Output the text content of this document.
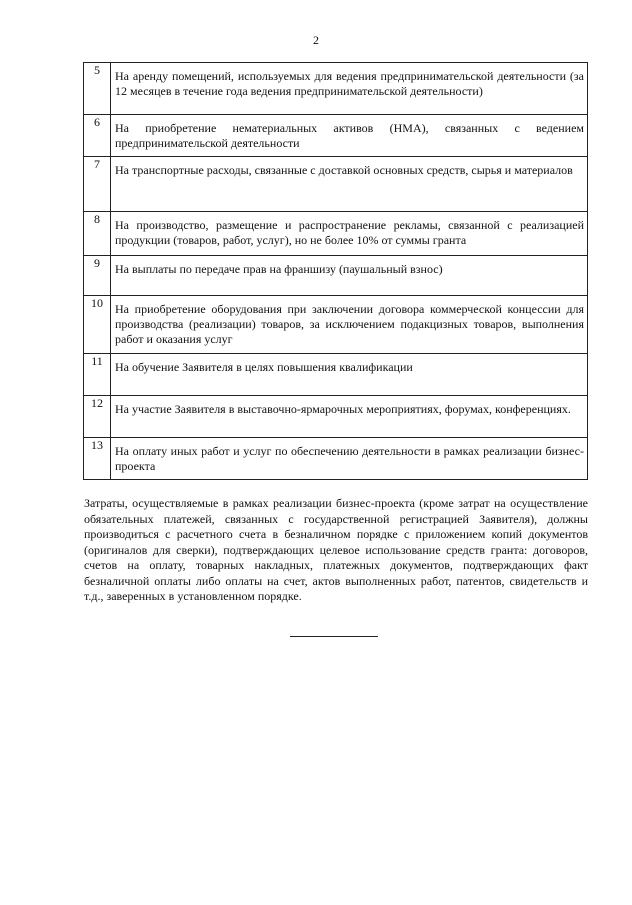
2
5	На аренду помещений, используемых для ведения предпринимательской деятельности (за 12 месяцев в течение года ведения предпринимательской деятельности)
6	На приобретение нематериальных активов (НМА), связанных с ведением предпринимательской деятельности
7	На транспортные расходы, связанные с доставкой основных средств, сырья и материалов
8	На производство, размещение и распространение рекламы, связанной с реализацией продукции (товаров, работ, услуг), но не более 10% от суммы гранта
9	На выплаты по передаче прав на франшизу (паушальный взнос)
10	На приобретение оборудования при заключении договора коммерческой концессии для производства (реализации) товаров, за исключением подакцизных товаров, выполнения работ и оказания услуг
11	На обучение Заявителя в целях повышения квалификации
12	На участие Заявителя в выставочно-ярмарочных мероприятиях, форумах, конференциях.
13	На оплату иных работ и услуг по обеспечению деятельности в рамках реализации бизнес-проекта

Затраты, осуществляемые в рамках реализации бизнес-проекта (кроме затрат на осуществление обязательных платежей, связанных с государственной регистрацией Заявителя), должны производиться с расчетного счета в безналичном порядке с приложением копий документов (оригиналов для сверки), подтверждающих целевое использование средств гранта: договоров, счетов на оплату, товарных накладных, платежных документов, подтверждающих факт безналичной оплаты либо оплаты на счет, актов выполненных работ, патентов, свидетельств и т.д., заверенных в установленном порядке.
